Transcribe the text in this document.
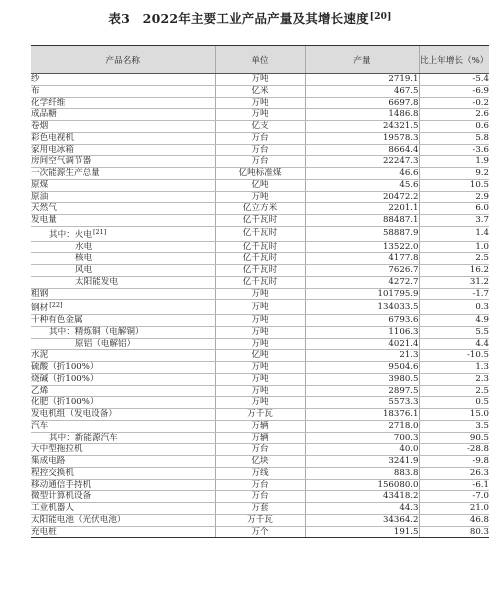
表3　2022年主要工业产品产量及其增长速度[20]
产品名称	单位	产量	比上年增长（%）
纱	万吨	2719.1	-5.4
布	亿米	467.5	-6.9
化学纤维	万吨	6697.8	-0.2
成品糖	万吨	1486.8	2.6
卷烟	亿支	24321.5	0.6
彩色电视机	万台	19578.3	5.8
家用电冰箱	万台	8664.4	-3.6
房间空气调节器	万台	22247.3	1.9
一次能源生产总量	亿吨标准煤	46.6	9.2
原煤	亿吨	45.6	10.5
原油	万吨	20472.2	2.9
天然气	亿立方米	2201.1	6.0
发电量	亿千瓦时	88487.1	3.7
其中：火电[21]	亿千瓦时	58887.9	1.4
水电	亿千瓦时	13522.0	1.0
核电	亿千瓦时	4177.8	2.5
风电	亿千瓦时	7626.7	16.2
太阳能发电	亿千瓦时	4272.7	31.2
粗钢	万吨	101795.9	-1.7
钢材[22]	万吨	134033.5	0.3
十种有色金属	万吨	6793.6	4.9
其中：精炼铜（电解铜）	万吨	1106.3	5.5
原铝（电解铝）	万吨	4021.4	4.4
水泥	亿吨	21.3	-10.5
硫酸（折100%）	万吨	9504.6	1.3
烧碱（折100%）	万吨	3980.5	2.3
乙烯	万吨	2897.5	2.5
化肥（折100%）	万吨	5573.3	0.5
发电机组（发电设备）	万千瓦	18376.1	15.0
汽车	万辆	2718.0	3.5
其中：新能源汽车	万辆	700.3	90.5
大中型拖拉机	万台	40.0	-28.8
集成电路	亿块	3241.9	-9.8
程控交换机	万线	883.8	26.3
移动通信手持机	万台	156080.0	-6.1
微型计算机设备	万台	43418.2	-7.0
工业机器人	万套	44.3	21.0
太阳能电池（光伏电池）	万千瓦	34364.2	46.8
充电桩	万个	191.5	80.3
